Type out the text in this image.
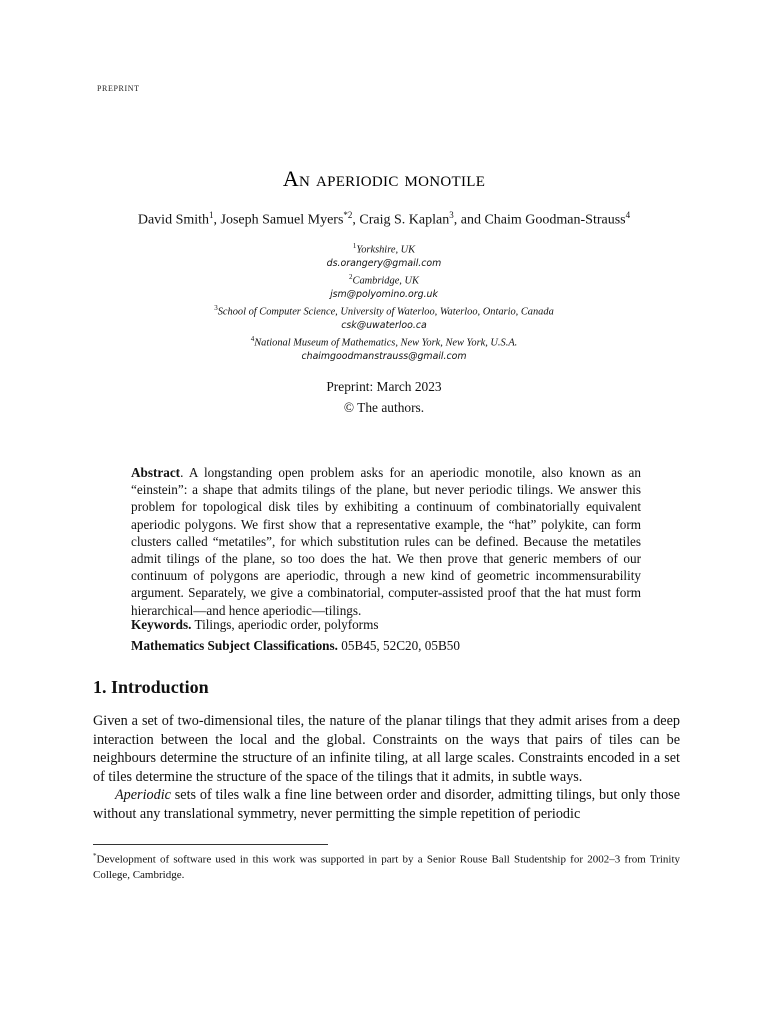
PREPRINT
An aperiodic monotile
David Smith$^1$, Joseph Samuel Myers$^{*2}$, Craig S. Kaplan$^3$, and Chaim Goodman-Strauss$^4$
$^1$Yorkshire, UK
ds.orangery@gmail.com
$^2$Cambridge, UK
jsm@polyomino.org.uk
$^3$School of Computer Science, University of Waterloo, Waterloo, Ontario, Canada
csk@uwaterloo.ca
$^4$National Museum of Mathematics, New York, New York, U.S.A.
chaimgoodmanstrauss@gmail.com
Preprint: March 2023
© The authors.
Abstract. A longstanding open problem asks for an aperiodic monotile, also known as an “einstein”: a shape that admits tilings of the plane, but never periodic tilings. We answer this problem for topological disk tiles by exhibiting a continuum of combinatorially equivalent aperiodic polygons. We first show that a representative example, the “hat” polykite, can form clusters called “metatiles”, for which substitution rules can be defined. Because the metatiles admit tilings of the plane, so too does the hat. We then prove that generic members of our continuum of polygons are aperiodic, through a new kind of geometric incommensurability argument. Separately, we give a combinatorial, computer-assisted proof that the hat must form hierarchical—and hence aperiodic—tilings.
Keywords. Tilings, aperiodic order, polyforms
Mathematics Subject Classifications. 05B45, 52C20, 05B50
1. Introduction

Given a set of two-dimensional tiles, the nature of the planar tilings that they admit arises from a deep interaction between the local and the global. Constraints on the ways that pairs of tiles can be neighbours determine the structure of an infinite tiling, at all large scales. Constraints encoded in a set of tiles determine the structure of the space of the tilings that it admits, in subtle ways.

Aperiodic sets of tiles walk a fine line between order and disorder, admitting tilings, but only those without any translational symmetry, never permitting the simple repetition of periodic

*Development of software used in this work was supported in part by a Senior Rouse Ball Studentship for 2002–3 from Trinity College, Cambridge.
